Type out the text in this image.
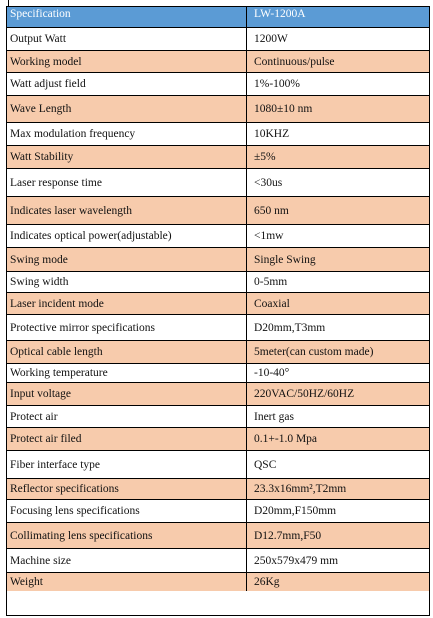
Specification	LW-1200A
Output Watt	1200W
Working model	Continuous/pulse
Watt adjust field	1%-100%
Wave Length	1080±10 nm
Max modulation frequency	10KHZ
Watt Stability	±5%
Laser response time	<30us
Indicates laser wavelength	650 nm
Indicates optical power(adjustable)	<1mw
Swing mode	Single Swing
Swing width	0-5mm
Laser incident mode	Coaxial
Protective mirror specifications	D20mm,T3mm
Optical cable length	5meter(can custom made)
Working temperature	-10-40°
Input voltage	220VAC/50HZ/60HZ
Protect air	Inert gas
Protect air filed	0.1+-1.0 Mpa
Fiber interface type	QSC
Reflector specifications	23.3x16mm²,T2mm
Focusing lens specifications	D20mm,F150mm
Collimating lens specifications	D12.7mm,F50
Machine size	250x579x479 mm
Weight	26Kg
